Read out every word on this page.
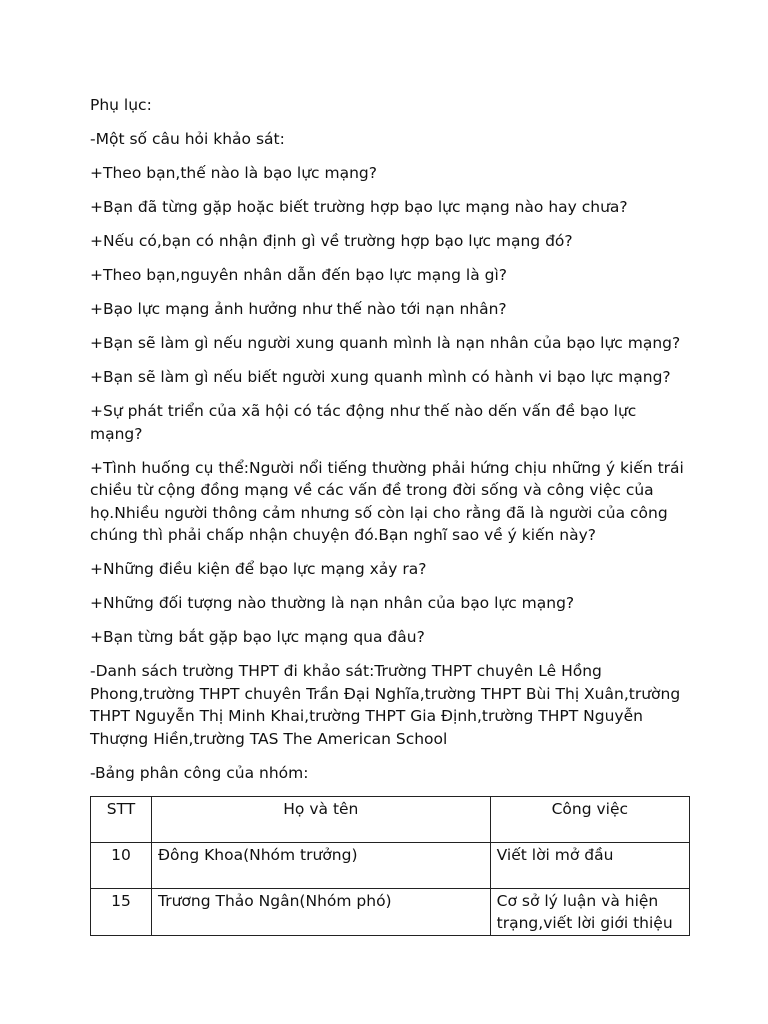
Phụ lục:

-Một số câu hỏi khảo sát:

+Theo bạn,thế nào là bạo lực mạng?

+Bạn đã từng gặp hoặc biết trường hợp bạo lực mạng nào hay chưa?

+Nếu có,bạn có nhận định gì về trường hợp bạo lực mạng đó?

+Theo bạn,nguyên nhân dẫn đến bạo lực mạng là gì?

+Bạo lực mạng ảnh hưởng như thế nào tới nạn nhân?

+Bạn sẽ làm gì nếu người xung quanh mình là nạn nhân của bạo lực mạng?

+Bạn sẽ làm gì nếu biết người xung quanh mình có hành vi bạo lực mạng?

+Sự phát triển của xã hội có tác động như thế nào dến vấn đề bạo lực mạng?

+Tình huống cụ thể:Người nổi tiếng thường phải hứng chịu những ý kiến trái chiều từ cộng đồng mạng về các vấn đề trong đời sống và công việc của họ.Nhiều người thông cảm nhưng số còn lại cho rằng đã là người của công chúng thì phải chấp nhận chuyện đó.Bạn nghĩ sao về ý kiến này?

+Những điều kiện để bạo lực mạng xảy ra?

+Những đối tượng nào thường là nạn nhân của bạo lực mạng?

+Bạn từng bắt gặp bạo lực mạng qua đâu?

-Danh sách trường THPT đi khảo sát:Trường THPT chuyên Lê Hồng Phong,trường THPT chuyên Trần Đại Nghĩa,trường THPT Bùi Thị Xuân,trường THPT Nguyễn Thị Minh Khai,trường THPT Gia Định,trường THPT Nguyễn Thượng Hiền,trường TAS The American School

-Bảng phân công của nhóm:

STT	Họ và tên	Công việc
10	Đông Khoa(Nhóm trưởng)	Viết lời mở đầu
15	Trương Thảo Ngân(Nhóm phó)	Cơ sở lý luận và hiện trạng,viết lời giới thiệu
